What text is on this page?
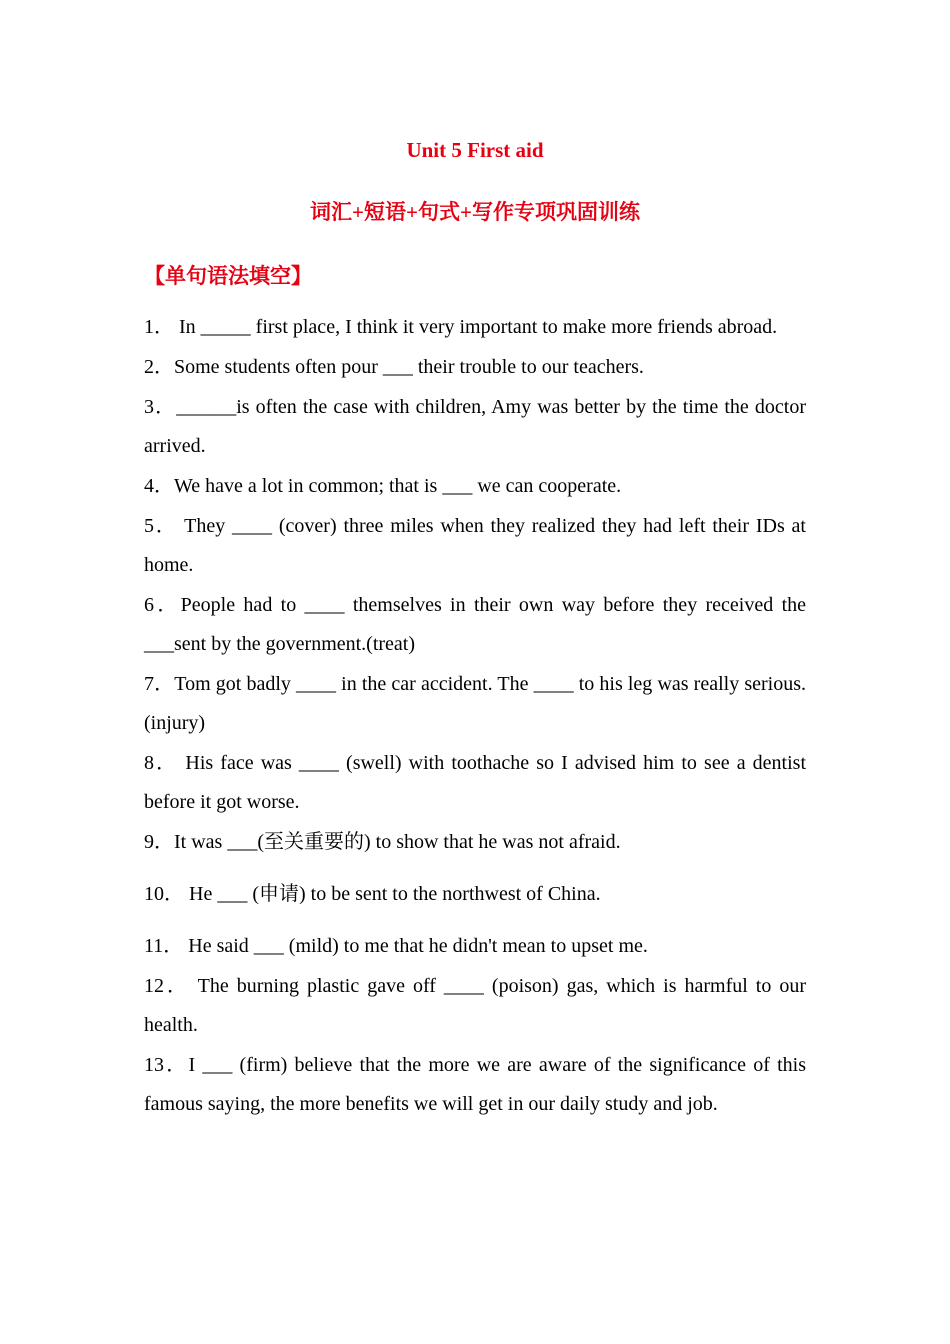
Unit 5 First aid
词汇+短语+句式+写作专项巩固训练
【单句语法填空】
1． In _____ first place, I think it very important to make more friends abroad.
2．Some students often pour ___ their trouble to our teachers.
3．______is often the case with children, Amy was better by the time the doctor arrived.
4．We have a lot in common; that is ___ we can cooperate.
5． They ____ (cover) three miles when they realized they had left their IDs at home.
6．People had to ____ themselves in their own way before they received the ___sent by the government.(treat)
7．Tom got badly ____ in the car accident. The ____ to his leg was really serious.(injury)
8． His face was ____ (swell) with toothache so I advised him to see a dentist before it got worse.
9．It was ___(至关重要的) to show that he was not afraid.
10． He ___ (申请) to be sent to the northwest of China.
11． He said ___ (mild) to me that he didn't mean to upset me.
12． The burning plastic gave off ____ (poison) gas, which is harmful to our health.
13．I ___ (firm) believe that the more we are aware of the significance of this famous saying, the more benefits we will get in our daily study and job.
